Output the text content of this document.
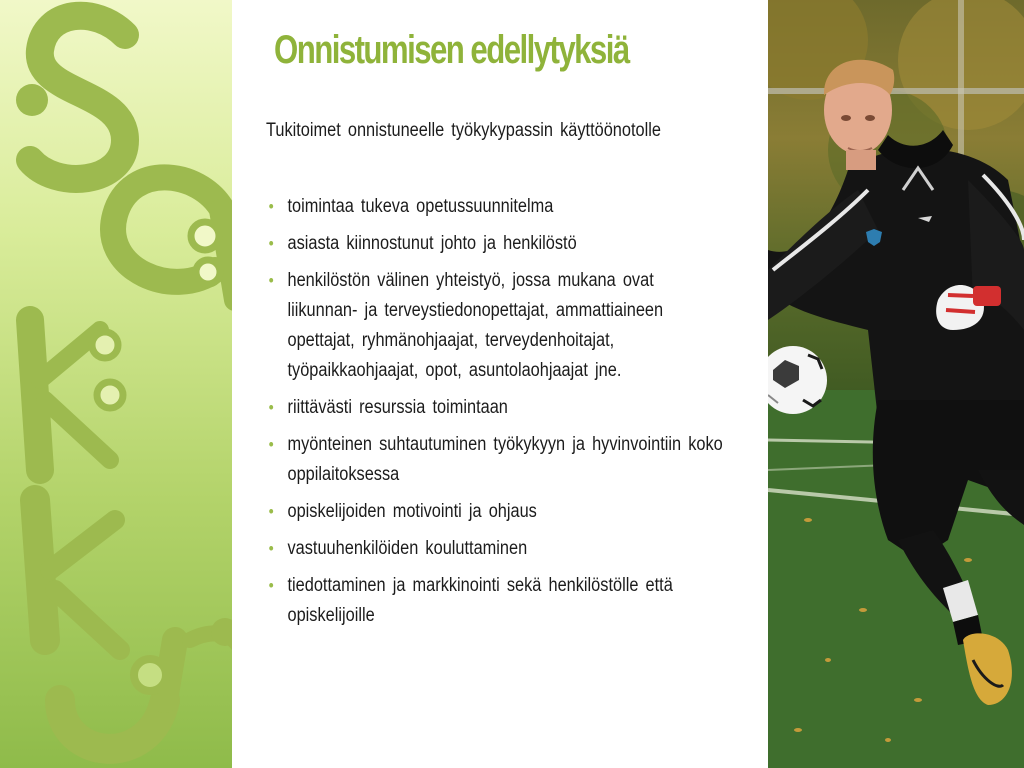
Onnistumisen edellytyksiä

Tukitoimet onnistuneelle työkykypassin käyttöönotolle

• toimintaa tukeva opetussuunnitelma
• asiasta kiinnostunut johto ja henkilöstö
• henkilöstön välinen yhteistyö, jossa mukana ovat liikunnan- ja terveystiedonopettajat, ammattiaineen opettajat, ryhmänohjaajat, terveydenhoitajat, työpaikkaohjaajat, opot, asuntolaohjaajat jne.
• riittävästi resurssia toimintaan
• myönteinen suhtautuminen työkykyyn ja hyvinvointiin koko oppilaitoksessa
• opiskelijoiden motivointi ja ohjaus
• vastuuhenkilöiden kouluttaminen
• tiedottaminen ja markkinointi sekä henkilöstölle että opiskelijoille
